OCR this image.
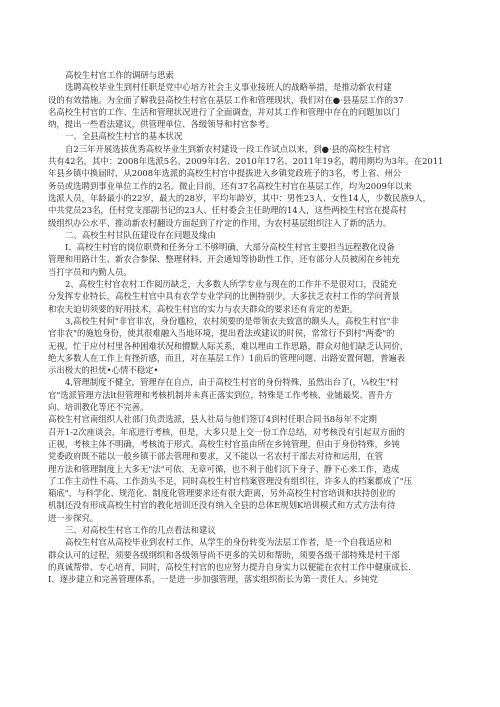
高校生村官工作的调研与思索
选聘高校毕业生到村任职是党中心培方社会主义事业接班人的战略举措，是推动新农村建
设的有效措施。为全面了解我县高校生村官在基层工作和管理现状，我们对在●·县基层工作的37
名高校生村官的工作、生活和管理状况进行了全面调查，并对其工作和管理中存在的问题加以门
纳，提出一些看法建议，供管理单位、各级领导和村官参考。
一、全县高校生村官的基本状况
自2三年开展选拔优秀高校毕业生到新农村建设一段工作试点以来，到●·县的高校生村官
共有42名，其中：2008年选派5名、2009年I名、2010年17名、2011年19名，聘用期均为3年。在2011
年县乡镇中换届时，从2008年选派的高校生村官中提拔进入乡镇党政班子的3名，考上省、州公
务员或选聘到事业单位工作的2名，微止目前，还有37名高校生村官在基层工作，均为2009年以来
选派人员，年龄最小的22岁，最大的28岁，平均年龄岁，其中：男性23人、女性14人，少数民族9人，
中共党员23名，任村党支部副书记的23人、任村委会主任助理的14人，这些两校生村官在提高村
级组织办公水平、推动新农村翻设方面起到了疗定的作用，为农村基层组织注入了新的活力。
二、高校生村甘队伍建设存在问题及缘由
I、高校生村官的岗位职费和任务分工不够明确，大部分高校生村官主要担当远程教化设备
管理和用路计生、新农合参保、整理材料、开会通知等协助性工作，还有部分人员被闲在乡钝充
当打字员和内勤人员。
2、高校生村官农村工作阅历缺乏，大多数人所学专业与现在的工作并不是很对口，没能充
分发挥专业特长，高校生村官中具有农学专业学问的比例特别少，大多扶乏农村工作的学问背景
和农夫迫切须要的好用技术，高校生村官的实力与农夫群众的要求还有肯定的差距。
3,高校生村何"非官非农，身份尴检，农村须要的是带领农夫致富的额头人，高校生村官"非
官非农"的施尬身份，使其很难融入当地环境，提出看法或建议的时侯，常常行不到村"两委"的
无视，忙于应付村里各种困难状况和懵默人际关系，难以埋由工作思路，群众对他们缺乏认同价，
绝大多数人在工作上有挫折感，而且，对在基层工作）1前后的管理问题、出路安置何题，普遍表
示出极大的担忧•心情不稳定•
4,管理制度不健全，管理存在自点，由于高校生村官的身份特殊，虽然出台了(，¼校生"村
官"选派管理方法lt但管理和考核机制并未真正落实到位，特殊是工作考核、业铺最奖、晋升方
向、培训教化等还不完善。
高校生村官南组织人社部门负责选派，县人社局与他们签订4到村任职合同书8每年不定期
召开1-2次座谈会，年底进行考核，但是，大多只是上交一份工作总结，对考核没有引起双方面的
正视，考核主体不明确，考核流于形式。高校生村官虽由所在乡钝管理，但由于身份特殊，乡钝
党委政府既不能以一般乡镇干部去管理和要求，又不能以一名农村干部去对待和运用，在管
理方法和管理制度上大多无"法"可依、无章可循，也不利于他们沉下身子、静下心来工作，造成
了工作主动性不高、工作劲头不足，同时高校生村官档案管理没有组织往，许多人的档案都成了"压
箱底"，与科学化、规范化、制度化管理要求还有很大距离，另外高校生村官培训和扶持创业的
机制还没有形成高校生村官的教化培训还没有纳入全县的总体E规划K培训模式和方式方法有待
进一步探究。
三、对高校生村官工作的几点看法和建议
高校生村官从高校毕业到农村工作，从学生的身份转变为法层工作者，是一个自我适应和
群众认可的过程，须要各级纲织和各级领导尚不更多的关切和帮助，须要各级干部特殊是村干部
的真诚帮带、专心培育，同时，高校生村官的也应努力提升自身实力以便能在农村工作中健康成长.
I、逐步建立和完善管理体系，一是进一步加强管理，落实组织衔长为第一责任人、乡钝党
